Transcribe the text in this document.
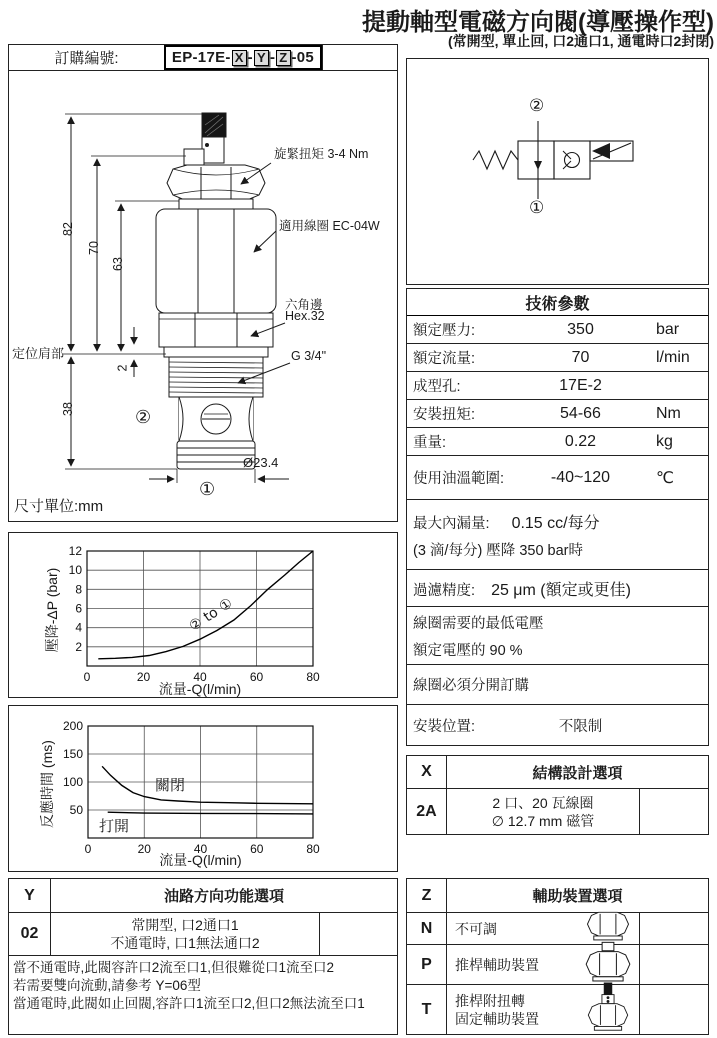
提動軸型電磁方向閥(導壓操作型)
(常開型, 單止回, 口2通口1, 通電時口2封閉)
訂購編號:	EP-17E- X - Y - Z -05
82
70
63
2
38
Ø23.4
定位肩部
旋緊扭矩 3-4 Nm
適用線圈 EC-04W
六角邊
Hex.32
G 3/4"
②
①
尺寸單位:mm
②
①
技術參數
額定壓力:	350	bar
額定流量:	70	l/min
成型孔:	17E-2
安裝扭矩:	54-66	Nm
重量:	0.22	kg
使用油溫範圍:	-40~120	℃
最大內漏量: 0.15 cc/每分
(3 滴/每分) 壓降 350 bar時
過濾精度: 25 μm (額定或更佳)
線圈需要的最低電壓
額定電壓的 90 %
線圈必須分開訂購
安裝位置:	不限制
0	20	40	60	80
2
4
6
8
10
12
壓降-ΔP (bar)
流量-Q(l/min)
② to ①
0	20	40	60	80
50
100
150
200
反應時間 (ms)
流量-Q(l/min)
關閉
打開
X	結構設計選項
2A	2 口、20 瓦線圈
∅ 12.7 mm 磁管
Y	油路方向功能選項
02	常開型, 口2通口1
不通電時, 口1無法通口2
當不通電時,此閥容許口2流至口1,但很難從口1流至口2
若需要雙向流動,請參考 Y=06型
當通電時,此閥如止回閥,容許口1流至口2,但口2無法流至口1
Z	輔助裝置選項
N	不可調
P	推桿輔助裝置
T	推桿附扭轉
固定輔助裝置
